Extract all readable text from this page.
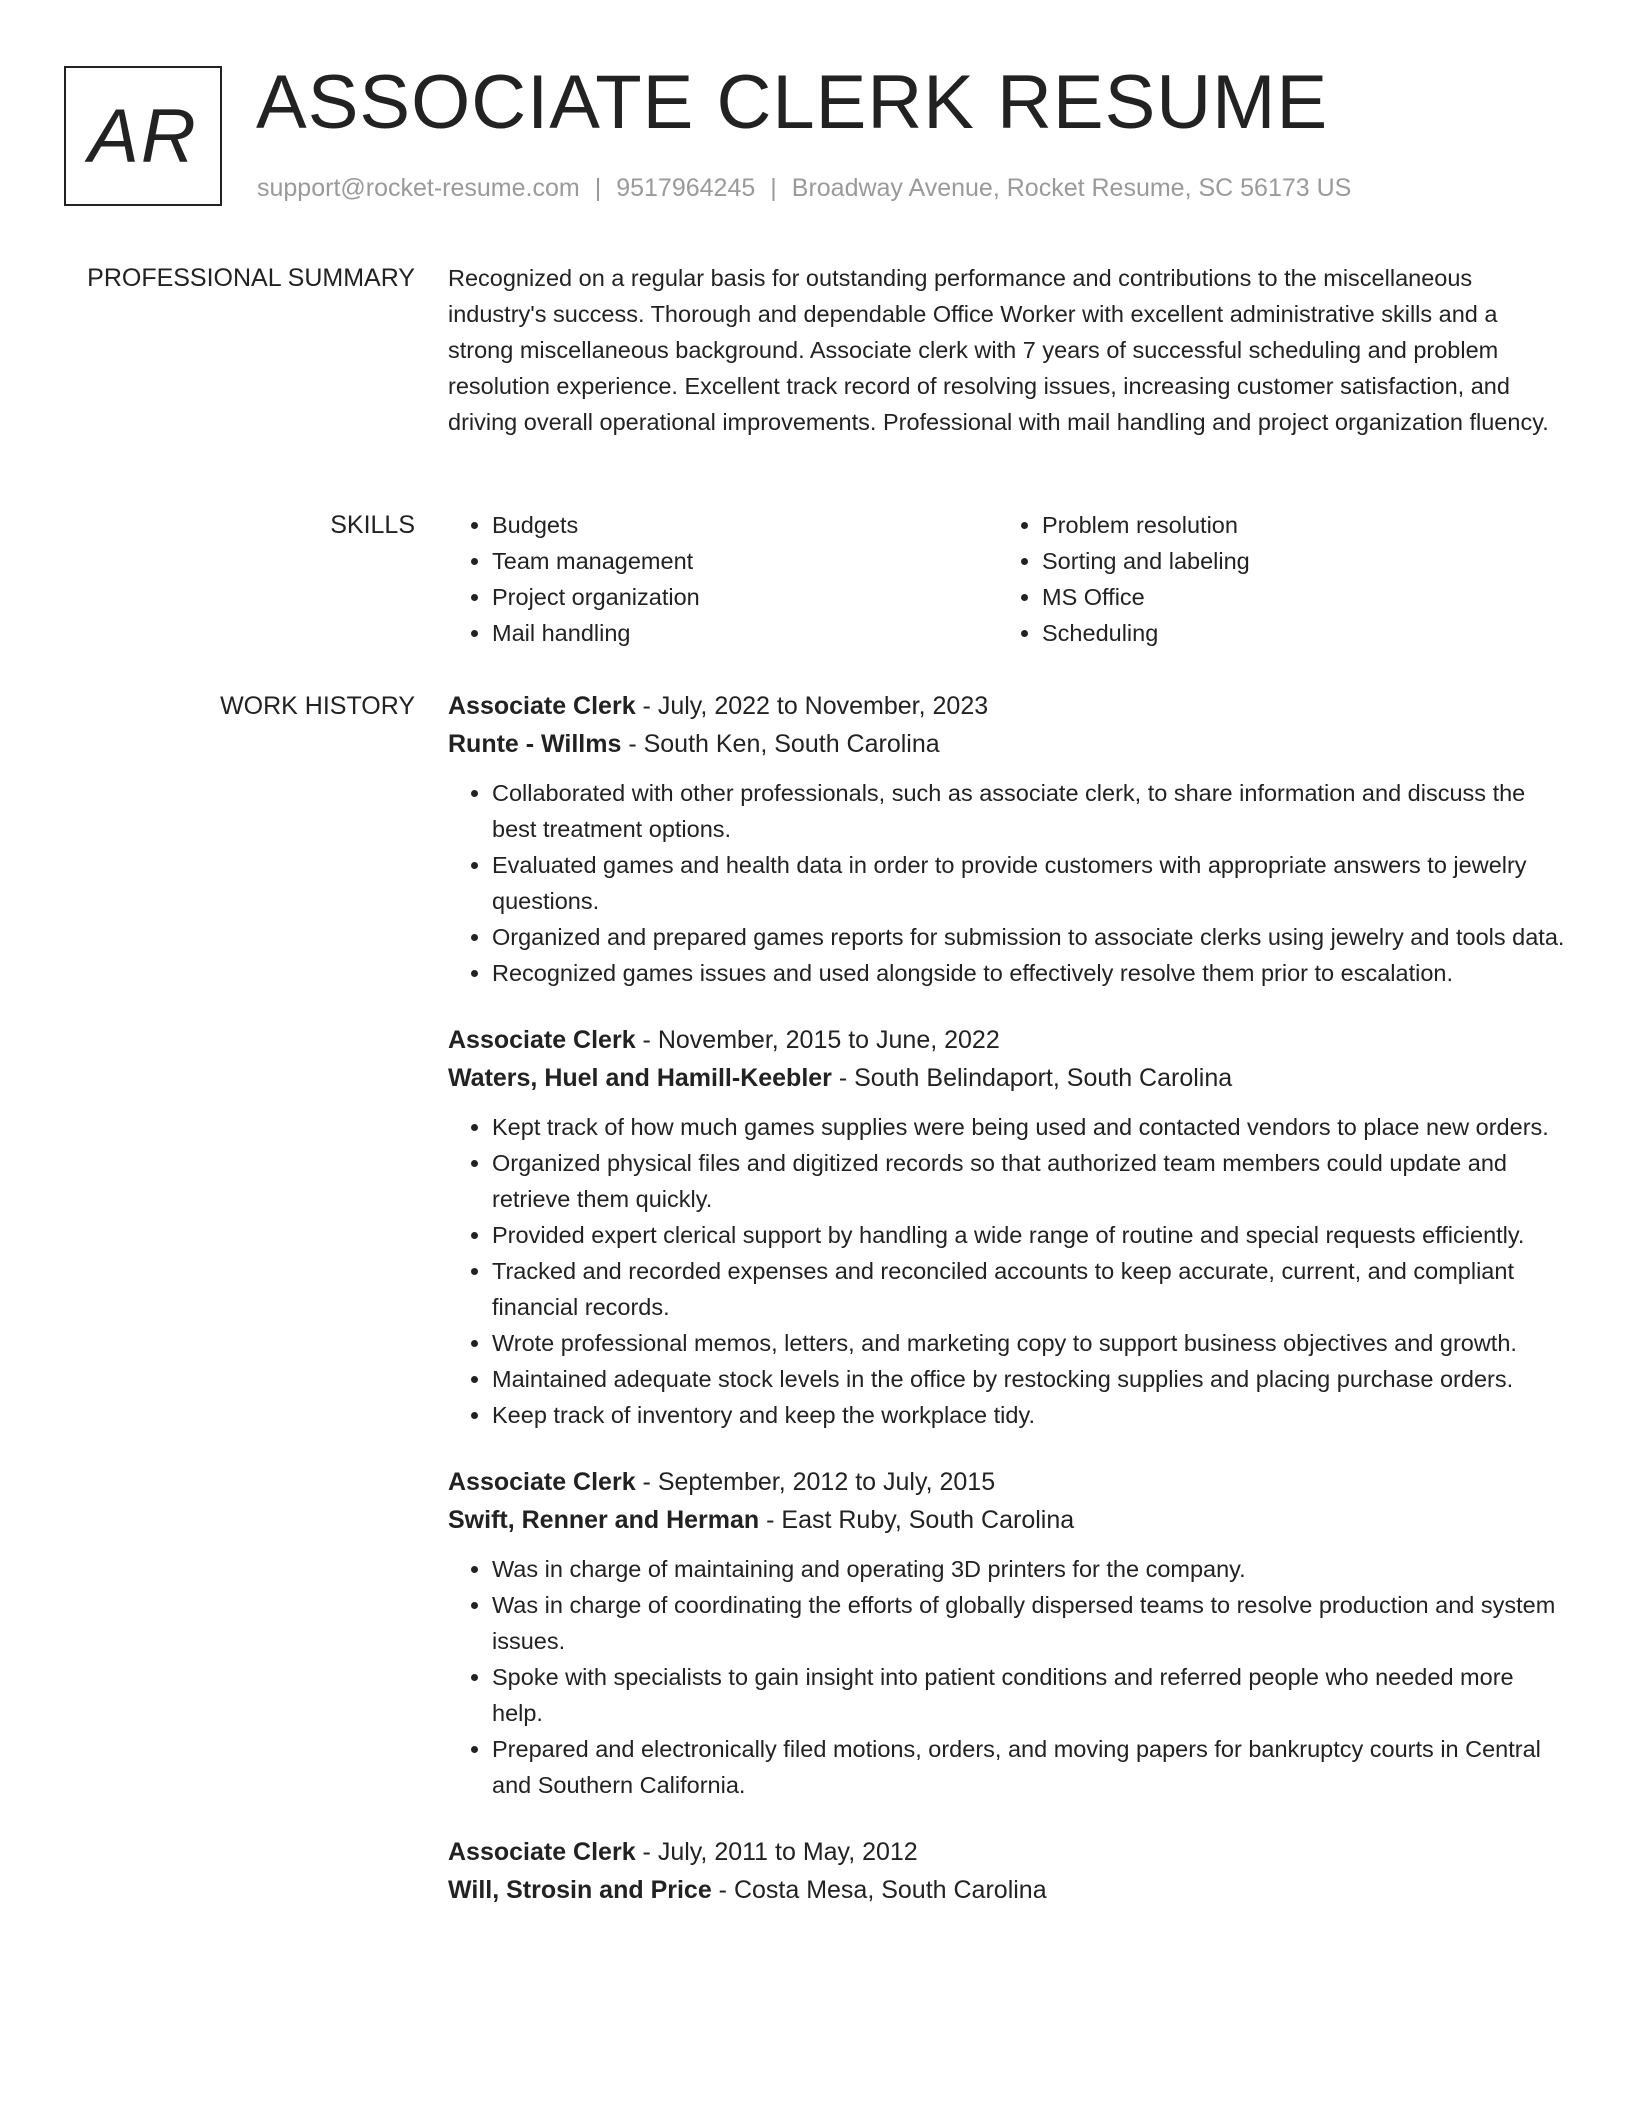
AR ASSOCIATE CLERK RESUME
support@rocket-resume.com | 9517964245 | Broadway Avenue, Rocket Resume, SC 56173 US
PROFESSIONAL SUMMARY Recognized on a regular basis for outstanding performance and contributions to the miscellaneous industry's success. Thorough and dependable Office Worker with excellent administrative skills and a strong miscellaneous background. Associate clerk with 7 years of successful scheduling and problem resolution experience. Excellent track record of resolving issues, increasing customer satisfaction, and driving overall operational improvements. Professional with mail handling and project organization fluency.

SKILLS
•	Budgets
• Team management
• Project organization
• Mail handling
• Problem resolution
• Sorting and labeling
• MS Office
• Scheduling
WORK HISTORY Associate Clerk - July, 2022 to November, 2023
Runte - Willms - South Ken, South Carolina
• Collaborated with other professionals, such as associate clerk, to share information and discuss the best treatment options.
• Evaluated games and health data in order to provide customers with appropriate answers to jewelry questions.
• Organized and prepared games reports for submission to associate clerks using jewelry and tools data.
• Recognized games issues and used alongside to effectively resolve them prior to escalation.
Associate Clerk - November, 2015 to June, 2022
Waters, Huel and Hamill-Keebler - South Belindaport, South Carolina
• Kept track of how much games supplies were being used and contacted vendors to place new orders.
• Organized physical files and digitized records so that authorized team members could update and retrieve them quickly.
• Provided expert clerical support by handling a wide range of routine and special requests efficiently.
• Tracked and recorded expenses and reconciled accounts to keep accurate, current, and compliant financial records.
• Wrote professional memos, letters, and marketing copy to support business objectives and growth.
• Maintained adequate stock levels in the office by restocking supplies and placing purchase orders.
• Keep track of inventory and keep the workplace tidy.
Associate Clerk - September, 2012 to July, 2015
Swift, Renner and Herman - East Ruby, South Carolina
• Was in charge of maintaining and operating 3D printers for the company.
• Was in charge of coordinating the efforts of globally dispersed teams to resolve production and system issues.
• Spoke with specialists to gain insight into patient conditions and referred people who needed more help.
• Prepared and electronically filed motions, orders, and moving papers for bankruptcy courts in Central and Southern California.
Associate Clerk - July, 2011 to May, 2012
Will, Strosin and Price - Costa Mesa, South Carolina
